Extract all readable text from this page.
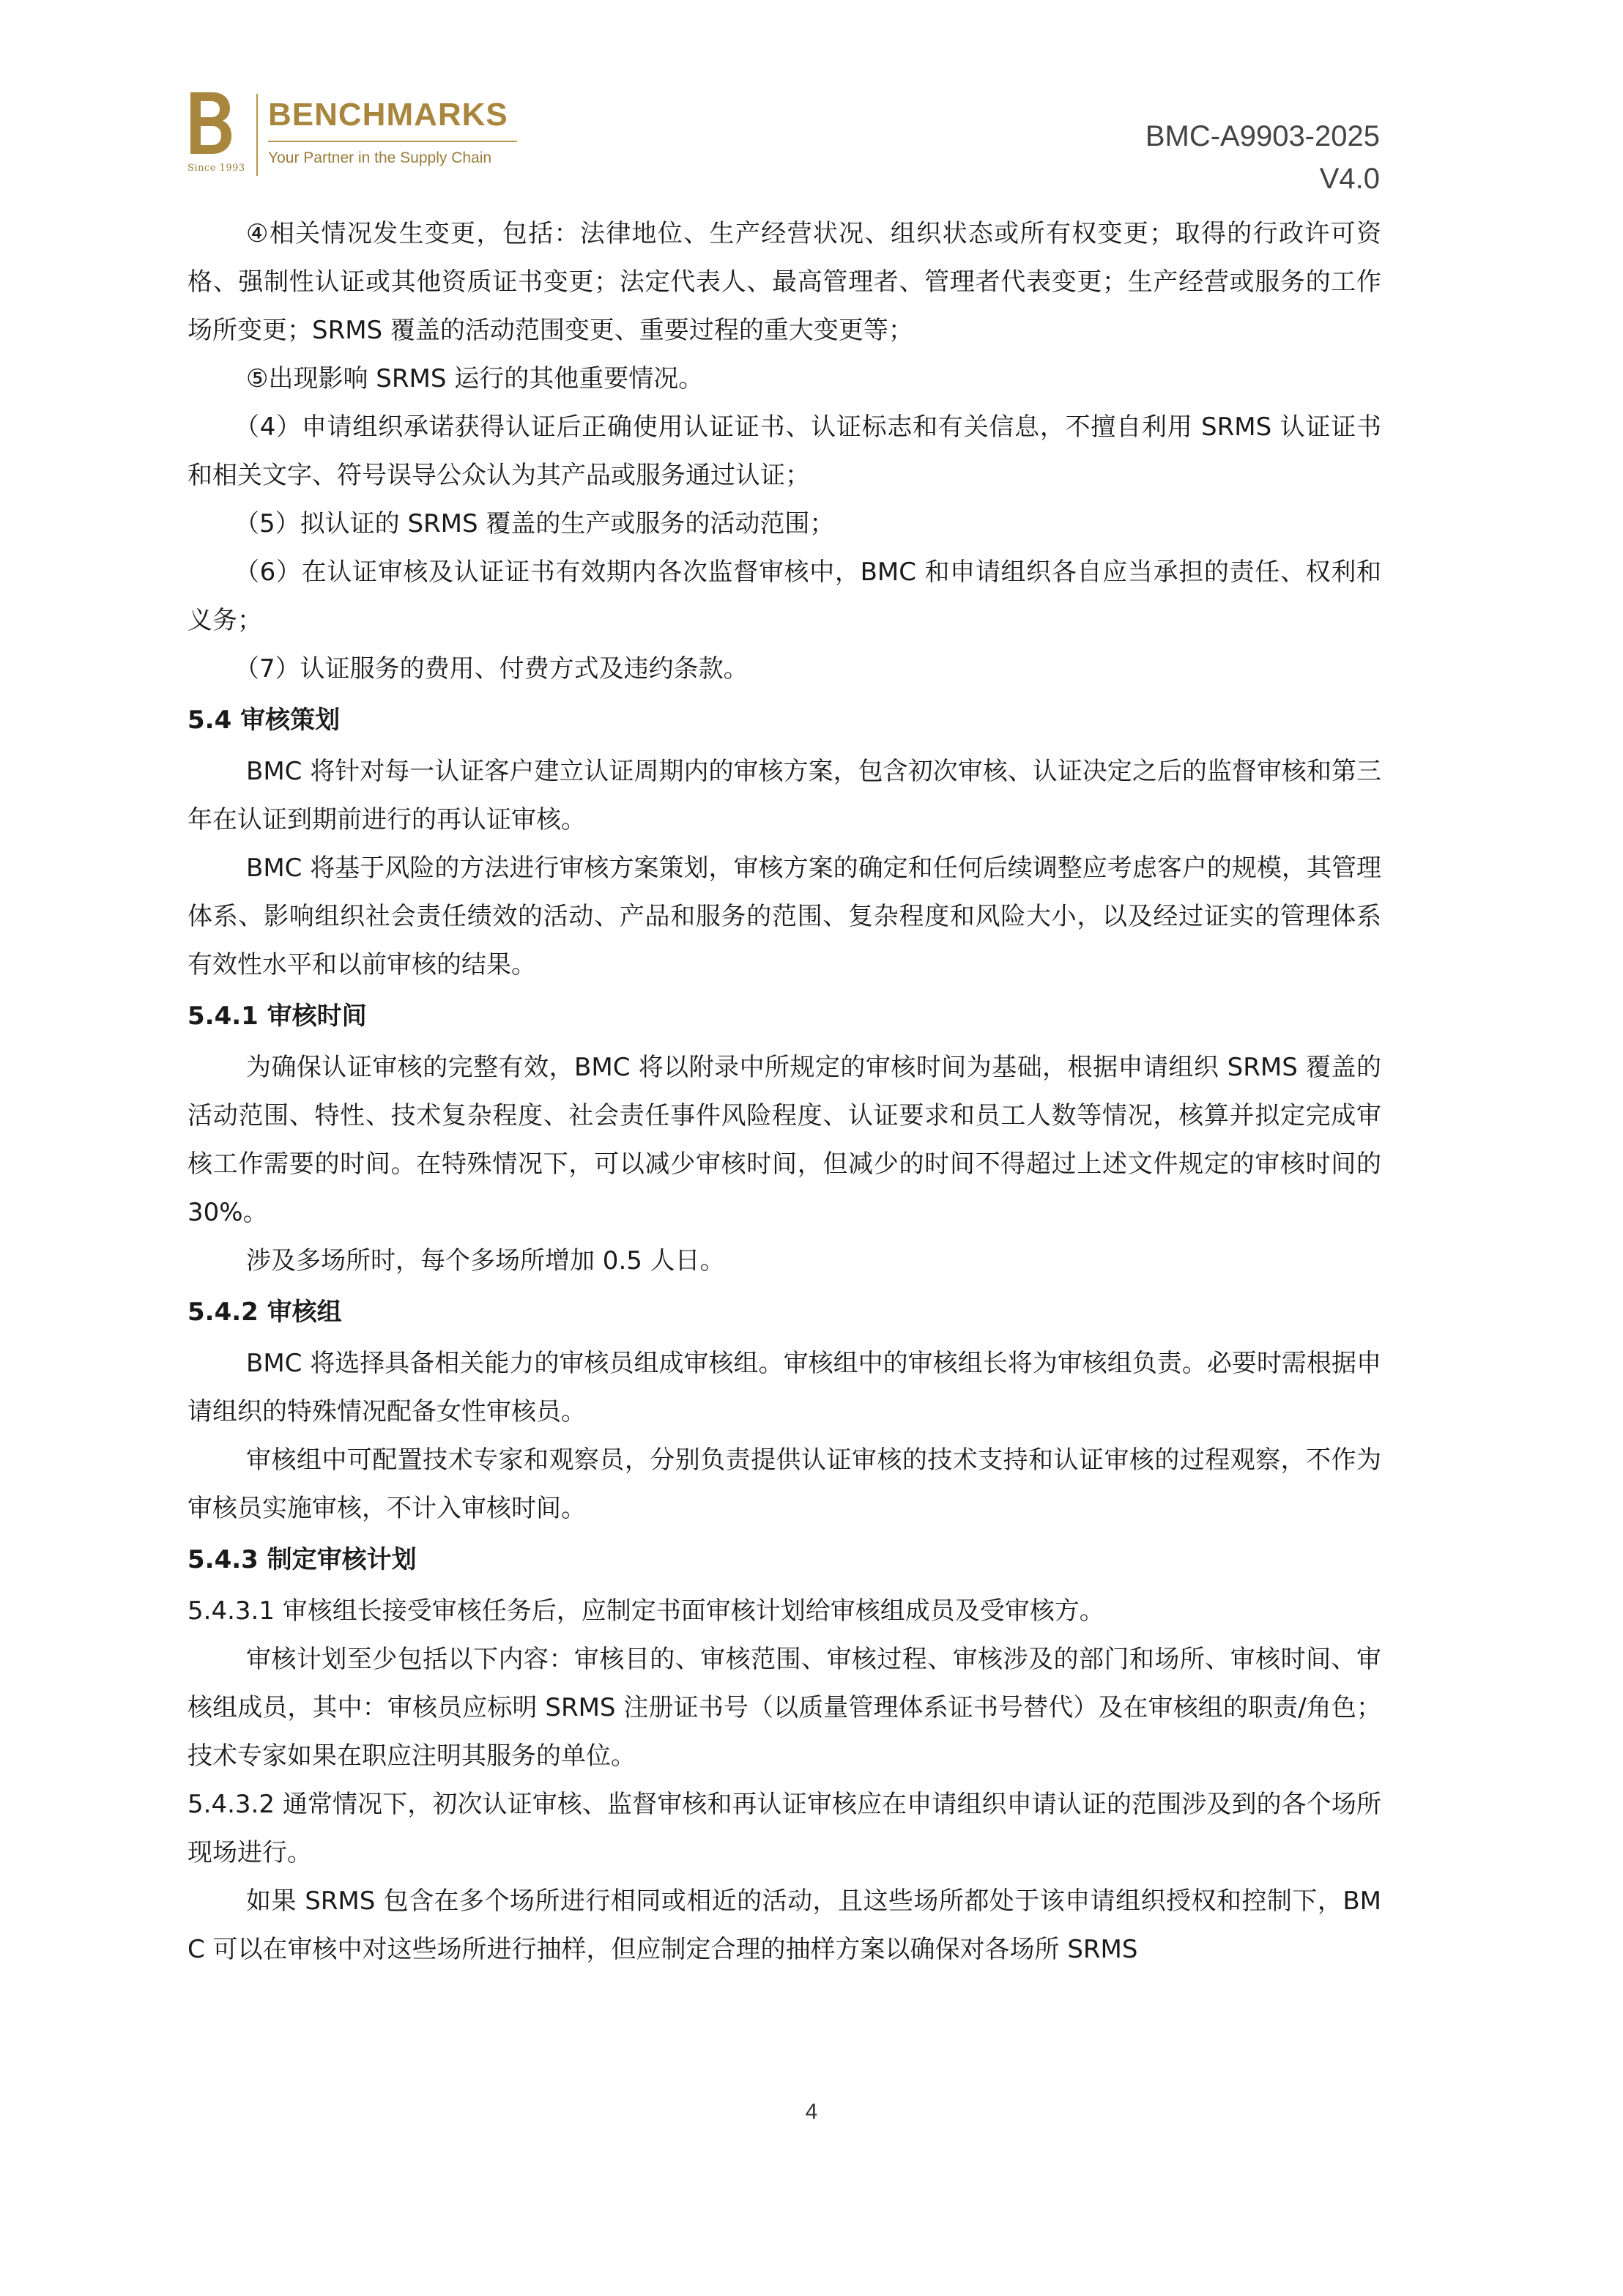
Since 1993
BENCHMARKS
Your Partner in the Supply Chain
BMC-A9903-2025
V4.0

④相关情况发生变更，包括：法律地位、生产经营状况、组织状态或所有权变更；取得的行政许可资格、强制性认证或其他资质证书变更；法定代表人、最高管理者、管理者代表变更；生产经营或服务的工作场所变更；SRMS 覆盖的活动范围变更、重要过程的重大变更等；

⑤出现影响 SRMS 运行的其他重要情况。

（4）申请组织承诺获得认证后正确使用认证证书、认证标志和有关信息，不擅自利用 SRMS 认证证书和相关文字、符号误导公众认为其产品或服务通过认证；

（5）拟认证的 SRMS 覆盖的生产或服务的活动范围；

（6）在认证审核及认证证书有效期内各次监督审核中，BMC 和申请组织各自应当承担的责任、权利和义务；

（7）认证服务的费用、付费方式及违约条款。

5.4 审核策划

BMC 将针对每一认证客户建立认证周期内的审核方案，包含初次审核、认证决定之后的监督审核和第三年在认证到期前进行的再认证审核。

BMC 将基于风险的方法进行审核方案策划，审核方案的确定和任何后续调整应考虑客户的规模，其管理体系、影响组织社会责任绩效的活动、产品和服务的范围、复杂程度和风险大小，以及经过证实的管理体系有效性水平和以前审核的结果。

5.4.1 审核时间

为确保认证审核的完整有效，BMC 将以附录中所规定的审核时间为基础，根据申请组织 SRMS 覆盖的活动范围、特性、技术复杂程度、社会责任事件风险程度、认证要求和员工人数等情况，核算并拟定完成审核工作需要的时间。在特殊情况下，可以减少审核时间，但减少的时间不得超过上述文件规定的审核时间的 30%。

涉及多场所时，每个多场所增加 0.5 人日。

5.4.2 审核组

BMC 将选择具备相关能力的审核员组成审核组。审核组中的审核组长将为审核组负责。必要时需根据申请组织的特殊情况配备女性审核员。

审核组中可配置技术专家和观察员，分别负责提供认证审核的技术支持和认证审核的过程观察，不作为审核员实施审核，不计入审核时间。

5.4.3 制定审核计划

5.4.3.1 审核组长接受审核任务后，应制定书面审核计划给审核组成员及受审核方。

审核计划至少包括以下内容：审核目的、审核范围、审核过程、审核涉及的部门和场所、审核时间、审核组成员，其中：审核员应标明 SRMS 注册证书号（以质量管理体系证书号替代）及在审核组的职责/角色；技术专家如果在职应注明其服务的单位。

5.4.3.2 通常情况下，初次认证审核、监督审核和再认证审核应在申请组织申请认证的范围涉及到的各个场所现场进行。

如果 SRMS 包含在多个场所进行相同或相近的活动，且这些场所都处于该申请组织授权和控制下，BMC 可以在审核中对这些场所进行抽样，但应制定合理的抽样方案以确保对各场所 SRMS

4
